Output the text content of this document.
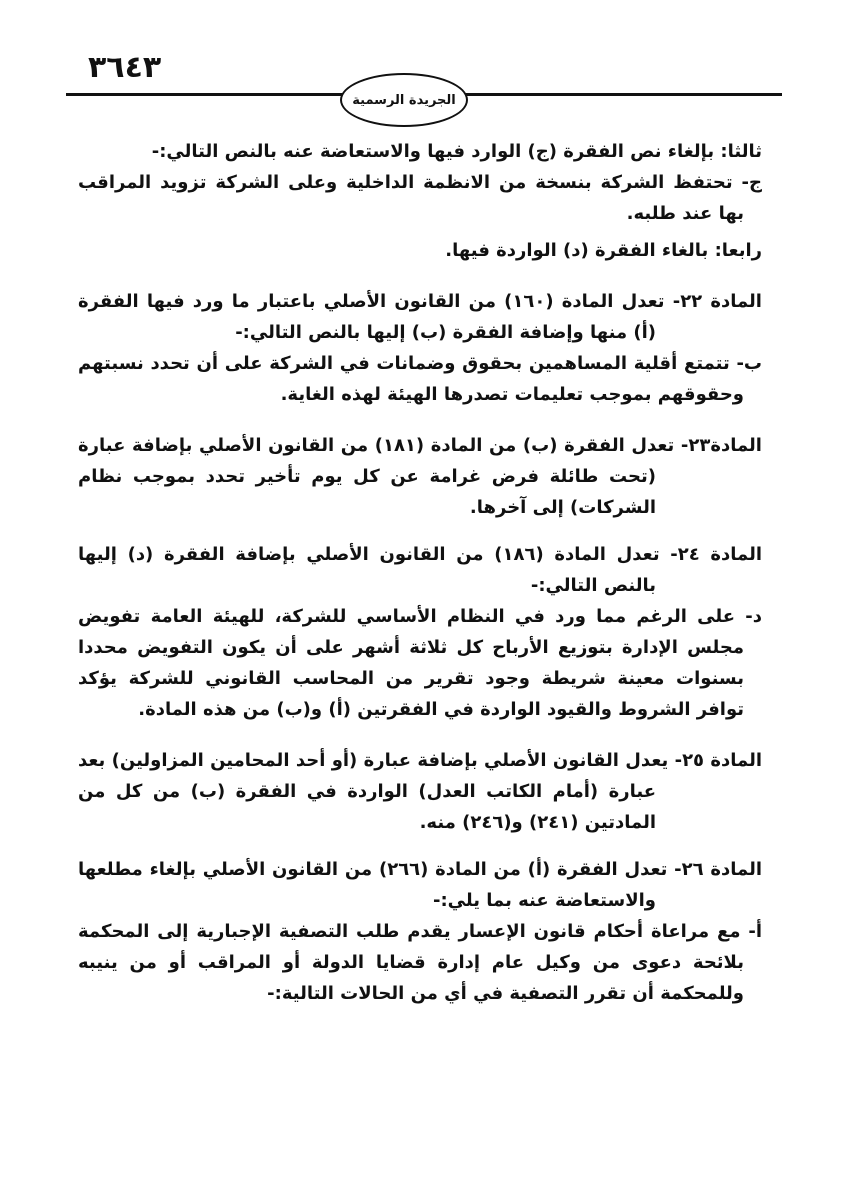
٣٦٤٣
الجريدة الرسمية

ثالثا: بإلغاء نص الفقرة (ج) الوارد فيها والاستعاضة عنه بالنص التالي:-

ج- تحتفظ الشركة بنسخة من الانظمة الداخلية وعلى الشركة تزويد المراقب بها عند طلبه.

رابعا: بالغاء الفقرة (د) الواردة فيها.

المادة ٢٢- تعدل المادة (١٦٠) من القانون الأصلي باعتبار ما ورد فيها الفقرة (أ) منها وإضافة الفقرة (ب) إليها بالنص التالي:-

ب- تتمتع أقلية المساهمين بحقوق وضمانات في الشركة على أن تحدد نسبتهم وحقوقهم بموجب تعليمات تصدرها الهيئة لهذه الغاية.

المادة٢٣- تعدل الفقرة (ب) من المادة (١٨١) من القانون الأصلي بإضافة عبارة (تحت طائلة فرض غرامة عن كل يوم تأخير تحدد بموجب نظام الشركات) إلى آخرها.

المادة ٢٤- تعدل المادة (١٨٦) من القانون الأصلي بإضافة الفقرة (د) إليها بالنص التالي:-

د- على الرغم مما ورد في النظام الأساسي للشركة، للهيئة العامة تفويض مجلس الإدارة بتوزيع الأرباح كل ثلاثة أشهر على أن يكون التفويض محددا بسنوات معينة شريطة وجود تقرير من المحاسب القانوني للشركة يؤكد توافر الشروط والقيود الواردة في الفقرتين (أ) و(ب) من هذه المادة.

المادة ٢٥- يعدل القانون الأصلي بإضافة عبارة (أو أحد المحامين المزاولين) بعد عبارة (أمام الكاتب العدل) الواردة في الفقرة (ب) من كل من المادتين (٢٤١) و(٢٤٦) منه.

المادة ٢٦- تعدل الفقرة (أ) من المادة (٢٦٦) من القانون الأصلي بإلغاء مطلعها والاستعاضة عنه بما يلي:-

أ- مع مراعاة أحكام قانون الإعسار يقدم طلب التصفية الإجبارية إلى المحكمة بلائحة دعوى من وكيل عام إدارة قضايا الدولة أو المراقب أو من ينيبه وللمحكمة أن تقرر التصفية في أي من الحالات التالية:-
